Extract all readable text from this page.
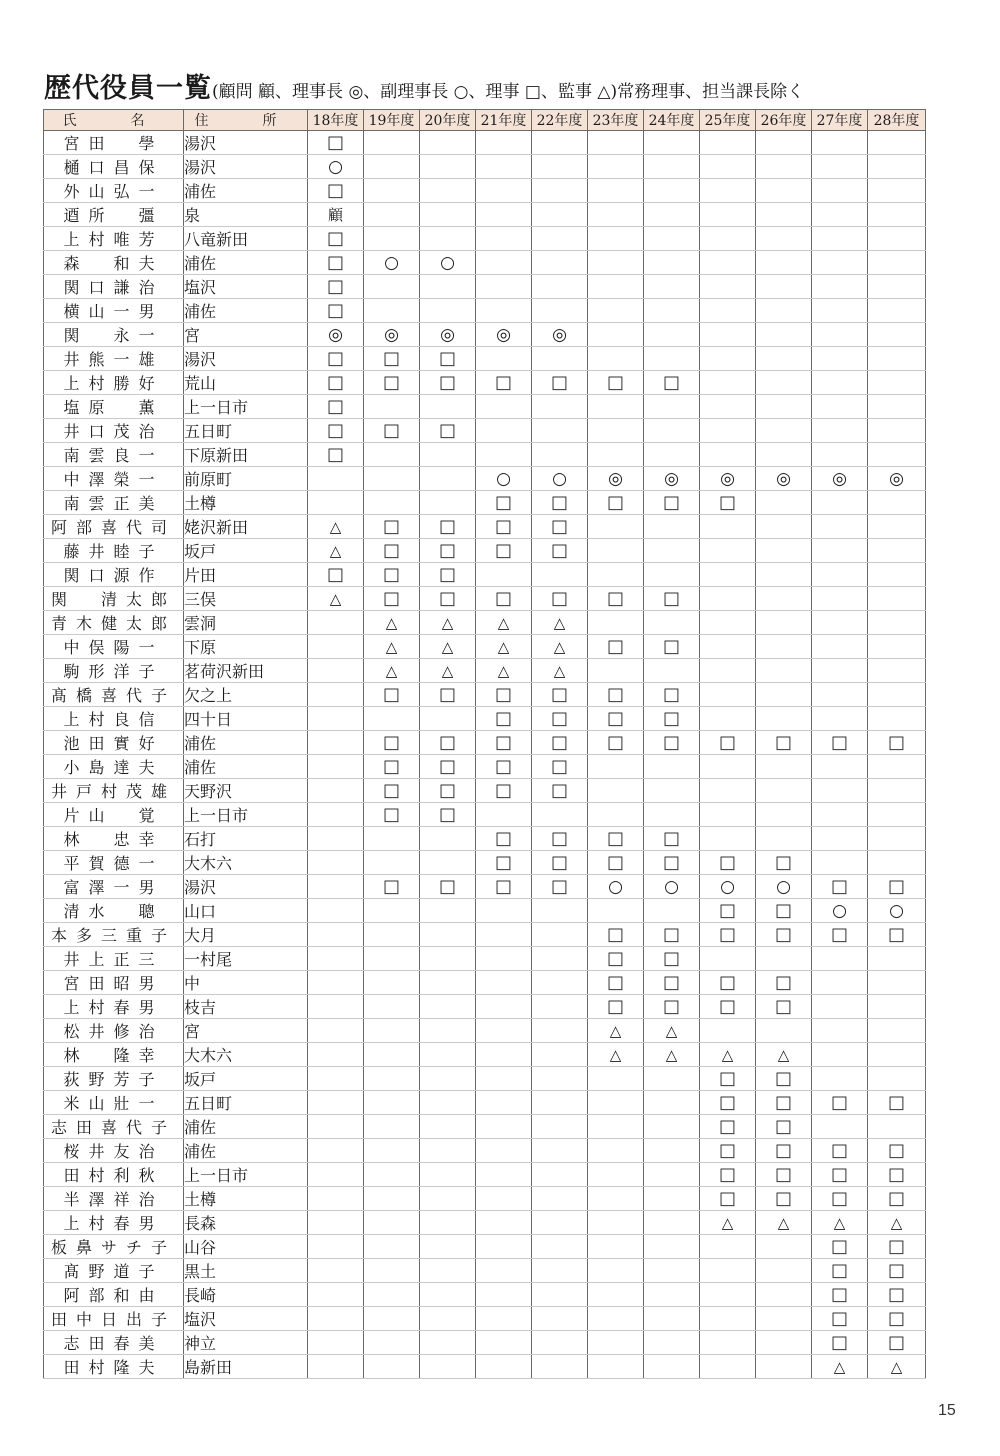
歴代役員一覧(顧問 顧、理事長 ◎、副理事長 ○、理事 □、監事 △)常務理事、担当課長除く
氏　名	住　所	18年度	19年度	20年度	21年度	22年度	23年度	24年度	25年度	26年度	27年度	28年度
宮田　學	湯沢	□										
樋口昌保	湯沢	○										
外山弘一	浦佐	□										
逎所　彊	泉	顧										
上村唯芳	八竜新田	□										
森　和夫	浦佐	□	○	○								
関口謙治	塩沢	□										
横山一男	浦佐	□										
関　永一	宮	◎	◎	◎	◎	◎						
井熊一雄	湯沢	□	□	□								
上村勝好	荒山	□	□	□	□	□	□	□				
塩原　薫	上一日市	□										
井口茂治	五日町	□	□	□								
南雲良一	下原新田	□										
中澤榮一	前原町				○	○	◎	◎	◎	◎	◎	◎
南雲正美	土樽				□	□	□	□	□			
阿部喜代司	姥沢新田	△	□	□	□	□						
藤井睦子	坂戸	△	□	□	□	□						
関口源作	片田	□	□	□								
関　清太郎	三俣	△	□	□	□	□	□	□				
青木健太郎	雲洞		△	△	△	△						
中俣陽一	下原		△	△	△	△	□	□				
駒形洋子	茗荷沢新田		△	△	△	△						
髙橋喜代子	欠之上		□	□	□	□	□	□				
上村良信	四十日				□	□	□	□				
池田實好	浦佐		□	□	□	□	□	□	□	□	□	□
小島達夫	浦佐		□	□	□	□						
井戸村茂雄	天野沢		□	□	□	□						
片山　覚	上一日市		□	□								
林　忠幸	石打				□	□	□	□				
平賀德一	大木六				□	□	□	□	□	□		
富澤一男	湯沢		□	□	□	□	○	○	○	○	□	□
清水　聰	山口								□	□	○	○
本多三重子	大月						□	□	□	□	□	□
井上正三	一村尾						□	□				
宮田昭男	中						□	□	□	□		
上村春男	枝吉						□	□	□	□		
松井修治	宮						△	△				
林　隆幸	大木六						△	△	△	△		
荻野芳子	坂戸								□	□		
米山壯一	五日町								□	□	□	□
志田喜代子	浦佐								□	□		
桜井友治	浦佐								□	□	□	□
田村利秋	上一日市								□	□	□	□
半澤祥治	土樽								□	□	□	□
上村春男	長森								△	△	△	△
板鼻サチ子	山谷										□	□
髙野道子	黒土										□	□
阿部和由	長崎										□	□
田中日出子	塩沢										□	□
志田春美	神立										□	□
田村隆夫	島新田										△	△
15
